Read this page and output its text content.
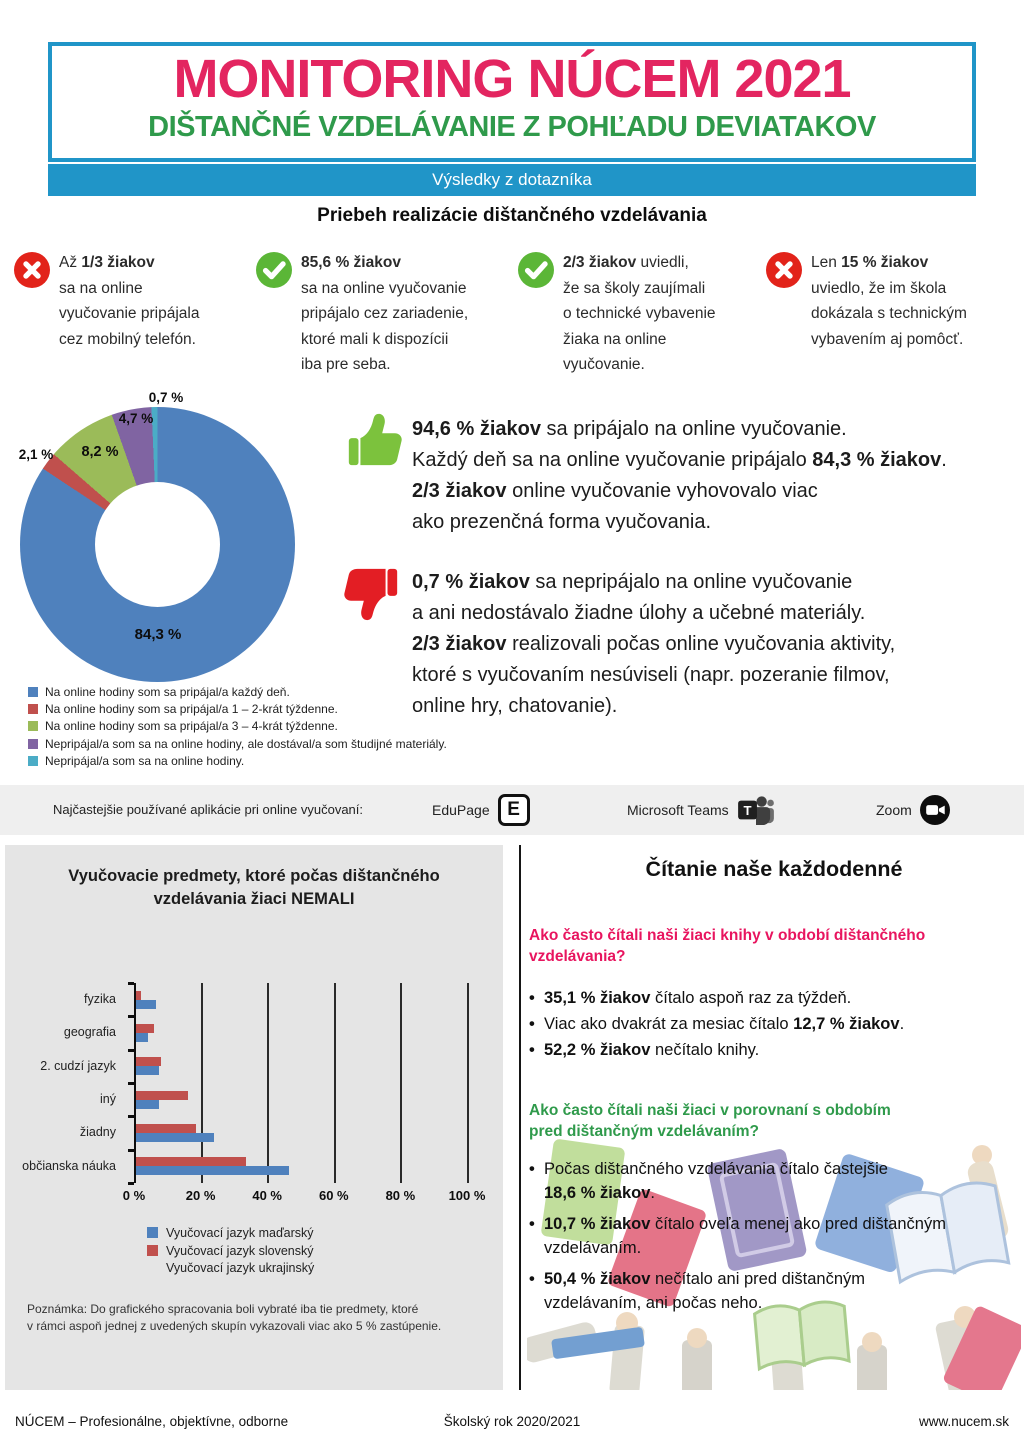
MONITORING NÚCEM 2021
DIŠTANČNÉ VZDELÁVANIE Z POHĽADU DEVIATAKOV
Výsledky z dotazníka
Priebeh realizácie dištančného vzdelávania
Až 1/3 žiakov
sa na online
vyučovanie pripájala
cez mobilný telefón.
85,6 % žiakov
sa na online vyučovanie
pripájalo cez zariadenie,
ktoré mali k dispozícii
iba pre seba.
2/3 žiakov uviedli,
že sa školy zaujímali
o technické vybavenie
žiaka na online
vyučovanie.
Len 15 % žiakov
uviedlo, že im škola
dokázala s technickým
vybavením aj pomôcť.
84,3 %
2,1 %	8,2 %
4,7 %
0,7 %
Na online hodiny som sa pripájal/a každý deň.
Na online hodiny som sa pripájal/a 1 – 2-krát týždenne.
Na online hodiny som sa pripájal/a 3 – 4-krát týždenne.
Nepripájal/a som sa na online hodiny, ale dostával/a som študijné materiály.
Nepripájal/a som sa na online hodiny.
94,6 % žiakov sa pripájalo na online vyučovanie.
Každý deň sa na online vyučovanie pripájalo 84,3 % žiakov.
2/3 žiakov online vyučovanie vyhovovalo viac
ako prezenčná forma vyučovania.
0,7 % žiakov sa nepripájalo na online vyučovanie
a ani nedostávalo žiadne úlohy a učebné materiály.
2/3 žiakov realizovali počas online vyučovania aktivity,
ktoré s vyučovaním nesúviseli (napr. pozeranie filmov,
online hry, chatovanie).
Najčastejšie používané aplikácie pri online vyučovaní:	EduPage E	Microsoft Teams T	Zoom
Vyučovacie predmety, ktoré počas dištančného
vzdelávania žiaci NEMALI
fyzika
geografia
2. cudzí jazyk
iný
žiadny
občianska náuka
0 %	20 %	40 %	60 %	80 %	100 %
Vyučovací jazyk maďarský
Vyučovací jazyk slovenský
Vyučovací jazyk ukrajinský
Poznámka: Do grafického spracovania boli vybraté iba tie predmety, ktoré
v rámci aspoň jednej z uvedených skupín vykazovali viac ako 5 % zastúpenie.
Čítanie naše každodenné
Ako často čítali naši žiaci knihy v období dištančného
vzdelávania?
• 35,1 % žiakov čítalo aspoň raz za týždeň.
• Viac ako dvakrát za mesiac čítalo 12,7 % žiakov.
• 52,2 % žiakov nečítalo knihy.
Ako často čítali naši žiaci v porovnaní s obdobím
pred dištančným vzdelávaním?
• Počas dištančného vzdelávania čítalo častejšie
18,6 % žiakov.
• 10,7 % žiakov čítalo oveľa menej ako pred dištančným
vzdelávaním.
• 50,4 % žiakov nečítalo ani pred dištančným
vzdelávaním, ani počas neho.
NÚCEM – Profesionálne, objektívne, odborne	Školský rok 2020/2021	www.nucem.sk
